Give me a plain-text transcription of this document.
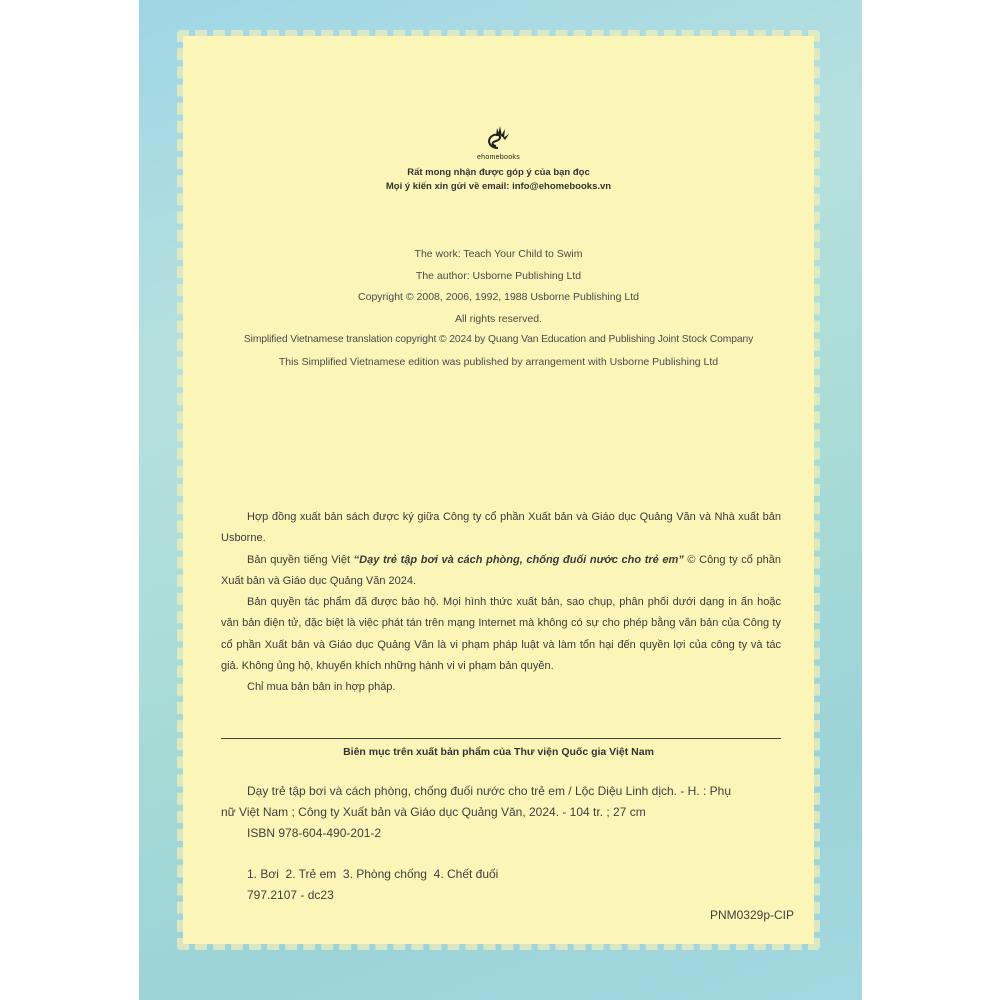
ehomebooks
Rất mong nhận được góp ý của bạn đọc
Mọi ý kiến xin gửi về email: info@ehomebooks.vn
The work: Teach Your Child to Swim
The author: Usborne Publishing Ltd
Copyright © 2008, 2006, 1992, 1988 Usborne Publishing Ltd
All rights reserved.
Simplified Vietnamese translation copyright © 2024 by Quang Van Education and Publishing Joint Stock Company
This Simplified Vietnamese edition was published by arrangement with Usborne Publishing Ltd

Hợp đồng xuất bản sách được ký giữa Công ty cổ phần Xuất bản và Giáo dục Quảng Văn và Nhà xuất bản Usborne.

Bản quyền tiếng Việt “Dạy trẻ tập bơi và cách phòng, chống đuối nước cho trẻ em” © Công ty cổ phần Xuất bản và Giáo dục Quảng Văn 2024.

Bản quyền tác phẩm đã được bảo hộ. Mọi hình thức xuất bản, sao chụp, phân phối dưới dạng in ấn hoặc văn bản điện tử, đặc biệt là việc phát tán trên mạng Internet mà không có sự cho phép bằng văn bản của Công ty cổ phần Xuất bản và Giáo dục Quảng Văn là vi phạm pháp luật và làm tổn hại đến quyền lợi của công ty và tác giả. Không ủng hộ, khuyến khích những hành vi vi phạm bản quyền.

Chỉ mua bản bản in hợp pháp.

Biên mục trên xuất bản phẩm của Thư viện Quốc gia Việt Nam
Dạy trẻ tập bơi và cách phòng, chống đuối nước cho trẻ em / Lộc Diệu Linh dịch. - H. : Phụ
nữ Việt Nam ; Công ty Xuất bản và Giáo dục Quảng Văn, 2024. - 104 tr. ; 27 cm
ISBN 978-604-490-201-2
1. Bơi  2. Trẻ em  3. Phòng chống  4. Chết đuối
797.2107 - dc23
PNM0329p-CIP
